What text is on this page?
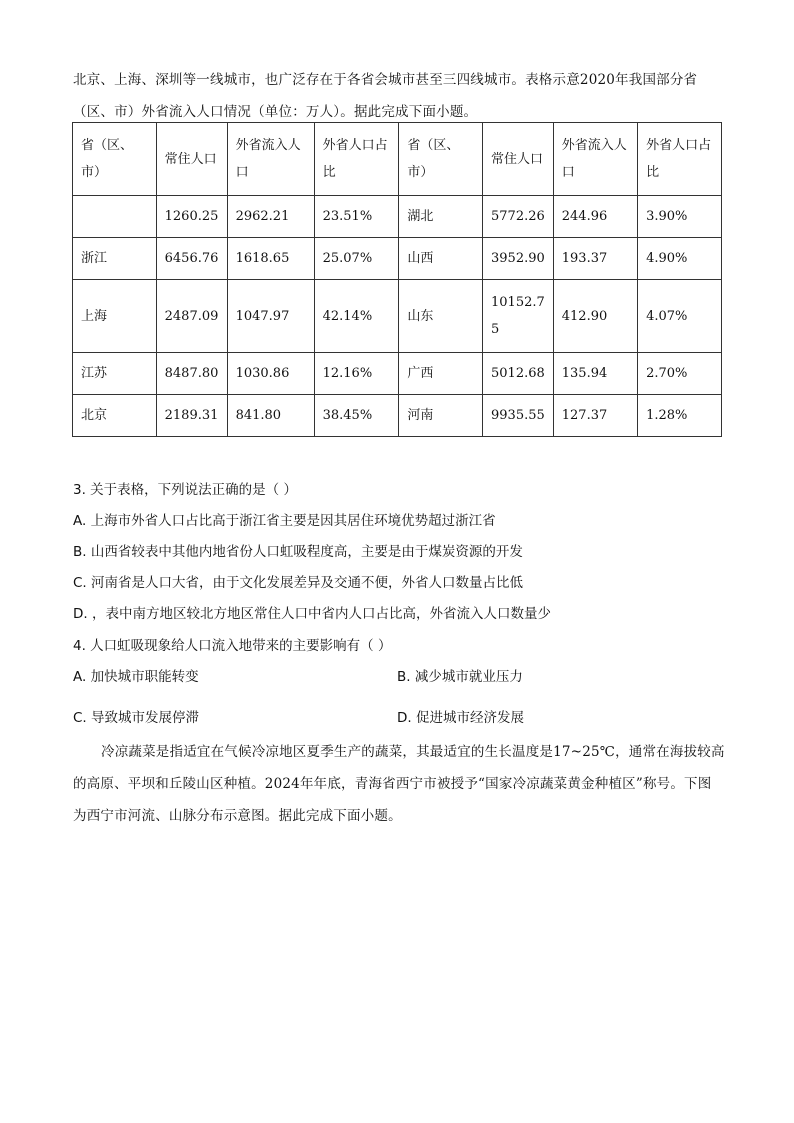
北京、上海、深圳等一线城市，也广泛存在于各省会城市甚至三四线城市。表格示意2020年我国部分省（区、市）外省流入人口情况（单位：万人）。据此完成下面小题。

省（区、市）	常住人口	外省流入人口	外省人口占比	省（区、市）	常住人口	外省流入人口	外省人口占比
	1260.25	2962.21	23.51%	湖北	5772.26	244.96	3.90%
浙江	6456.76	1618.65	25.07%	山西	3952.90	193.37	4.90%
上海	2487.09	1047.97	42.14%	山东	10152.75	412.90	4.07%
江苏	8487.80	1030.86	12.16%	广西	5012.68	135.94	2.70%
北京	2189.31	841.80	38.45%	河南	9935.55	127.37	1.28%

3. 关于表格，下列说法正确的是（ ）

A. 上海市外省人口占比高于浙江省主要是因其居住环境优势超过浙江省

B. 山西省较表中其他内地省份人口虹吸程度高，主要是由于煤炭资源的开发

C. 河南省是人口大省，由于文化发展差异及交通不便，外省人口数量占比低

D. ，表中南方地区较北方地区常住人口中省内人口占比高，外省流入人口数量少

4. 人口虹吸现象给人口流入地带来的主要影响有（ ）

A. 加快城市职能转变	B. 减少城市就业压力

C. 导致城市发展停滞	D. 促进城市经济发展

冷凉蔬菜是指适宜在气候冷凉地区夏季生产的蔬菜，其最适宜的生长温度是17~25℃，通常在海拔较高的高原、平坝和丘陵山区种植。2024年年底，青海省西宁市被授予“国家冷凉蔬菜黄金种植区”称号。下图为西宁市河流、山脉分布示意图。据此完成下面小题。
